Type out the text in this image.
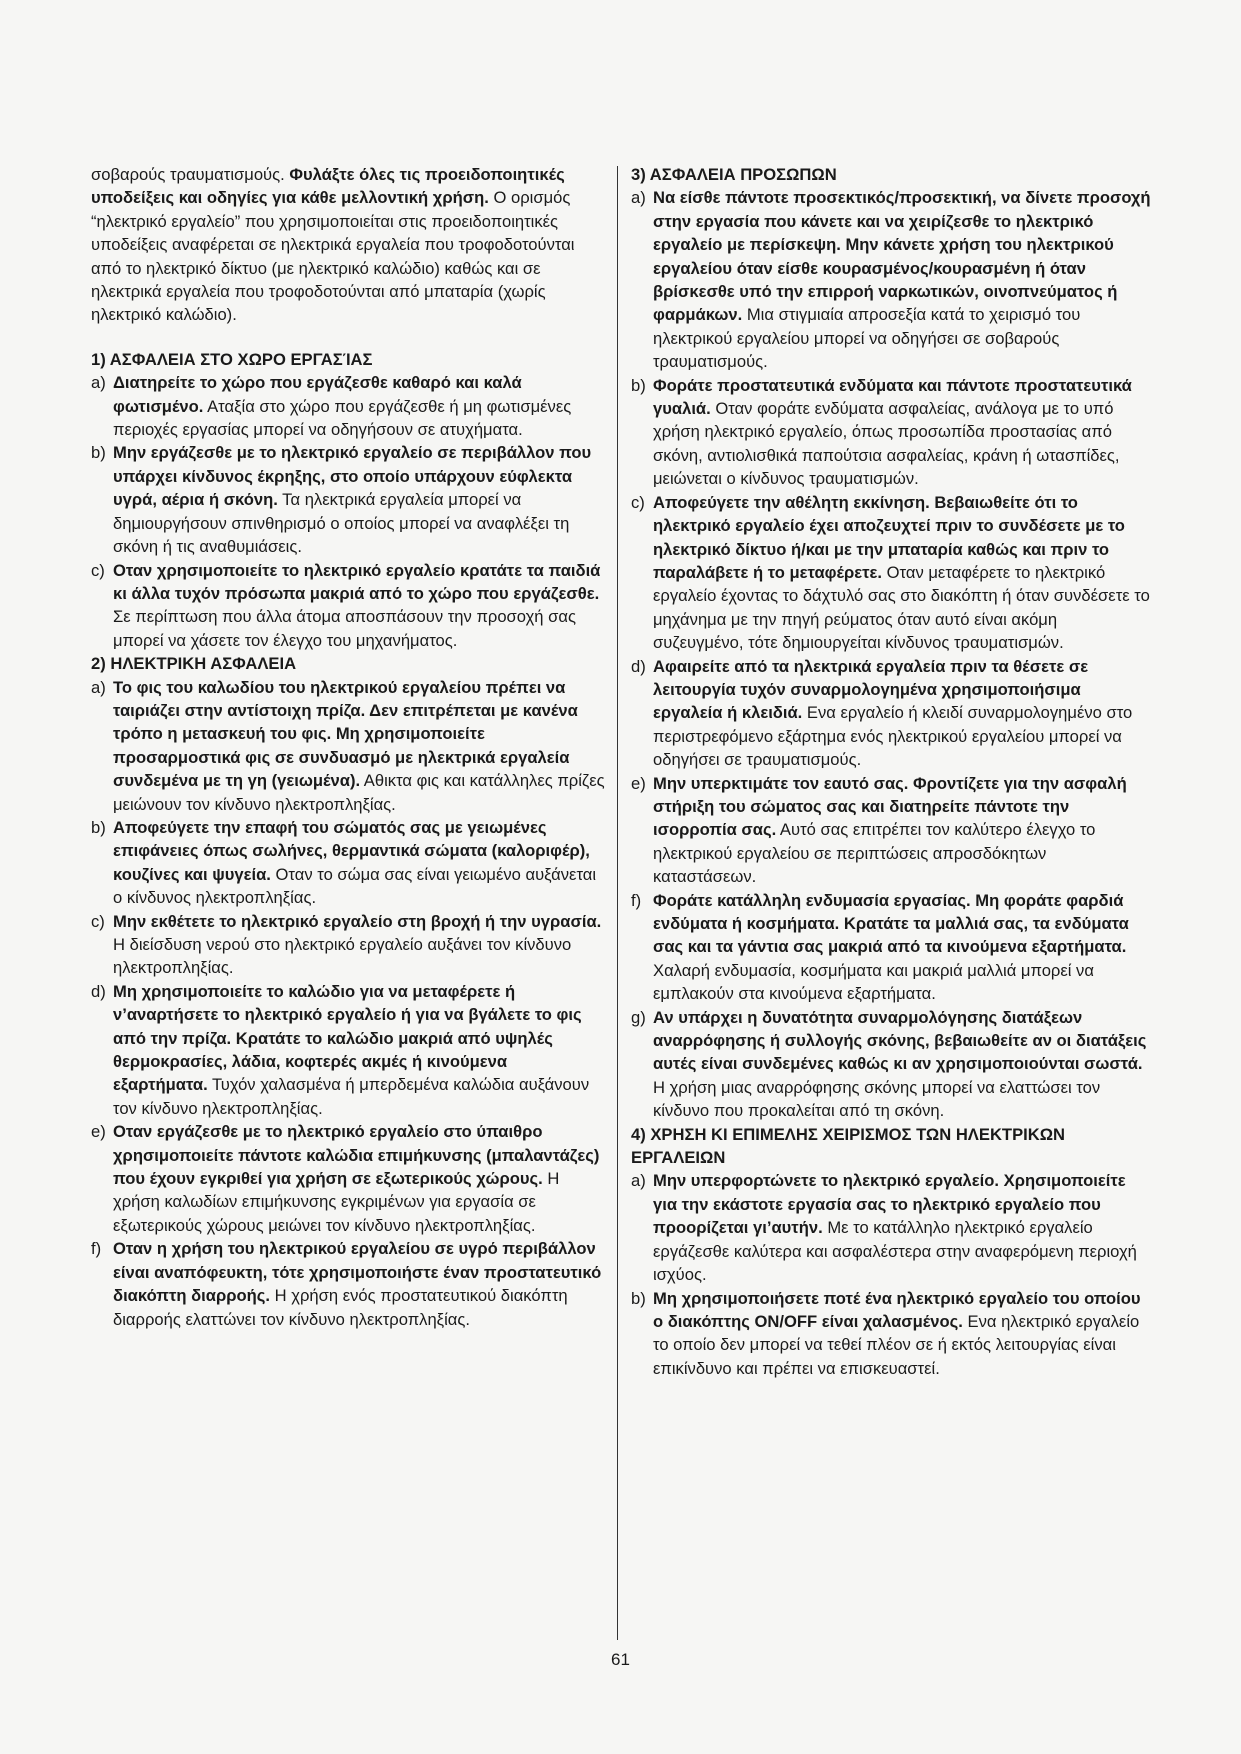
σοβαρούς τραυματισμούς. Φυλάξτε όλες τις προειδοποιητικές υποδείξεις και οδηγίες για κάθε μελλοντική χρήση. Ο ορισμός “ηλεκτρικό εργαλείο” που χρησιμοποιείται στις προειδοποιητικές υποδείξεις αναφέρεται σε ηλεκτρικά εργαλεία που τροφοδοτούνται από το ηλεκτρικό δίκτυο (με ηλεκτρικό καλώδιο) καθώς και σε ηλεκτρικά εργαλεία που τροφοδοτούνται από μπαταρία (χωρίς ηλεκτρικό καλώδιο).

1) ΑΣΦΑΛΕΙΑ ΣΤΟ ΧΩΡΟ ΕΡΓΑΣΊΑΣ
a) Διατηρείτε το χώρο που εργάζεσθε καθαρό και καλά φωτισμένο. Αταξία στο χώρο που εργάζεσθε ή μη φωτισμένες περιοχές εργασίας μπορεί να οδηγήσουν σε ατυχήματα.
b) Μην εργάζεσθε με το ηλεκτρικό εργαλείο σε περιβάλλον που υπάρχει κίνδυνος έκρηξης, στο οποίο υπάρχουν εύφλεκτα υγρά, αέρια ή σκόνη. Τα ηλεκτρικά εργαλεία μπορεί να δημιουργήσουν σπινθηρισμό ο οποίος μπορεί να αναφλέξει τη σκόνη ή τις αναθυμιάσεις.
c) Οταν χρησιμοποιείτε το ηλεκτρικό εργαλείο κρατάτε τα παιδιά κι άλλα τυχόν πρόσωπα μακριά από το χώρο που εργάζεσθε. Σε περίπτωση που άλλα άτομα αποσπάσουν την προσοχή σας μπορεί να χάσετε τον έλεγχο του μηχανήματος.
2) ΗΛΕΚΤΡΙΚΗ ΑΣΦΑΛΕΙΑ
a) Το φις του καλωδίου του ηλεκτρικού εργαλείου πρέπει να ταιριάζει στην αντίστοιχη πρίζα. Δεν επιτρέπεται με κανένα τρόπο η μετασκευή του φις. Μη χρησιμοποιείτε προσαρμοστικά φις σε συνδυασμό με ηλεκτρικά εργαλεία συνδεμένα με τη γη (γειωμένα). Αθικτα φις και κατάλληλες πρίζες μειώνουν τον κίνδυνο ηλεκτροπληξίας.
b) Αποφεύγετε την επαφή του σώματός σας με γειωμένες επιφάνειες όπως σωλήνες, θερμαντικά σώματα (καλοριφέρ), κουζίνες και ψυγεία. Οταν το σώμα σας είναι γειωμένο αυξάνεται ο κίνδυνος ηλεκτροπληξίας.
c) Μην εκθέτετε το ηλεκτρικό εργαλείο στη βροχή ή την υγρασία. Η διείσδυση νερού στο ηλεκτρικό εργαλείο αυξάνει τον κίνδυνο ηλεκτροπληξίας.
d) Μη χρησιμοποιείτε το καλώδιο για να μεταφέρετε ή ν’αναρτήσετε το ηλεκτρικό εργαλείο ή για να βγάλετε το φις από την πρίζα. Κρατάτε το καλώδιο μακριά από υψηλές θερμοκρασίες, λάδια, κοφτερές ακμές ή κινούμενα εξαρτήματα. Τυχόν χαλασμένα ή μπερδεμένα καλώδια αυξάνουν τον κίνδυνο ηλεκτροπληξίας.
e) Οταν εργάζεσθε με το ηλεκτρικό εργαλείο στο ύπαιθρο χρησιμοποιείτε πάντοτε καλώδια επιμήκυνσης (μπαλαντάζες) που έχουν εγκριθεί για χρήση σε εξωτερικούς χώρους. Η χρήση καλωδίων επιμήκυνσης εγκριμένων για εργασία σε εξωτερικούς χώρους μειώνει τον κίνδυνο ηλεκτροπληξίας.
f) Οταν η χρήση του ηλεκτρικού εργαλείου σε υγρό περιβάλλον είναι αναπόφευκτη, τότε χρησιμοποιήστε έναν προστατευτικό διακόπτη διαρροής. Η χρήση ενός προστατευτικού διακόπτη διαρροής ελαττώνει τον κίνδυνο ηλεκτροπληξίας.
3) ΑΣΦΑΛΕΙΑ ΠΡΟΣΩΠΩΝ
a) Να είσθε πάντοτε προσεκτικός/προσεκτική, να δίνετε προσοχή στην εργασία που κάνετε και να χειρίζεσθε το ηλεκτρικό εργαλείο με περίσκεψη. Μην κάνετε χρήση του ηλεκτρικού εργαλείου όταν είσθε κουρασμένος/κουρασμένη ή όταν βρίσκεσθε υπό την επιρροή ναρκωτικών, οινοπνεύματος ή φαρμάκων. Μια στιγμιαία απροσεξία κατά το χειρισμό του ηλεκτρικού εργαλείου μπορεί να οδηγήσει σε σοβαρούς τραυματισμούς.
b) Φοράτε προστατευτικά ενδύματα και πάντοτε προστατευτικά γυαλιά. Οταν φοράτε ενδύματα ασφαλείας, ανάλογα με το υπό χρήση ηλεκτρικό εργαλείο, όπως προσωπίδα προστασίας από σκόνη, αντιολισθικά παπούτσια ασφαλείας, κράνη ή ωτασπίδες, μειώνεται ο κίνδυνος τραυματισμών.
c) Αποφεύγετε την αθέλητη εκκίνηση. Βεβαιωθείτε ότι το ηλεκτρικό εργαλείο έχει αποζευχτεί πριν το συνδέσετε με το ηλεκτρικό δίκτυο ή/και με την μπαταρία καθώς και πριν το παραλάβετε ή το μεταφέρετε. Οταν μεταφέρετε το ηλεκτρικό εργαλείο έχοντας το δάχτυλό σας στο διακόπτη ή όταν συνδέσετε το μηχάνημα με την πηγή ρεύματος όταν αυτό είναι ακόμη συζευγμένο, τότε δημιουργείται κίνδυνος τραυματισμών.
d) Αφαιρείτε από τα ηλεκτρικά εργαλεία πριν τα θέσετε σε λειτουργία τυχόν συναρμολογημένα χρησιμοποιήσιμα εργαλεία ή κλειδιά. Ενα εργαλείο ή κλειδί συναρμολογημένο στο περιστρεφόμενο εξάρτημα ενός ηλεκτρικού εργαλείου μπορεί να οδηγήσει σε τραυματισμούς.
e) Μην υπερκτιμάτε τον εαυτό σας. Φροντίζετε για την ασφαλή στήριξη του σώματος σας και διατηρείτε πάντοτε την ισορροπία σας. Αυτό σας επιτρέπει τον καλύτερο έλεγχο το ηλεκτρικού εργαλείου σε περιπτώσεις απροσδόκητων καταστάσεων.
f) Φοράτε κατάλληλη ενδυμασία εργασίας. Μη φοράτε φαρδιά ενδύματα ή κοσμήματα. Κρατάτε τα μαλλιά σας, τα ενδύματα σας και τα γάντια σας μακριά από τα κινούμενα εξαρτήματα. Χαλαρή ενδυμασία, κοσμήματα και μακριά μαλλιά μπορεί να εμπλακούν στα κινούμενα εξαρτήματα.
g) Αν υπάρχει η δυνατότητα συναρμολόγησης διατάξεων αναρρόφησης ή συλλογής σκόνης, βεβαιωθείτε αν οι διατάξεις αυτές είναι συνδεμένες καθώς κι αν χρησιμοποιούνται σωστά. Η χρήση μιας αναρρόφησης σκόνης μπορεί να ελαττώσει τον κίνδυνο που προκαλείται από τη σκόνη.
4) ΧΡΗΣΗ ΚΙ ΕΠΙΜΕΛΗΣ ΧΕΙΡΙΣΜΟΣ ΤΩΝ ΗΛΕΚΤΡΙΚΩΝ ΕΡΓΑΛΕΙΩΝ
a) Μην υπερφορτώνετε το ηλεκτρικό εργαλείο. Χρησιμοποιείτε για την εκάστοτε εργασία σας το ηλεκτρικό εργαλείο που προορίζεται γι’αυτήν. Με το κατάλληλο ηλεκτρικό εργαλείο εργάζεσθε καλύτερα και ασφαλέστερα στην αναφερόμενη περιοχή ισχύος.
b) Μη χρησιμοποιήσετε ποτέ ένα ηλεκτρικό εργαλείο του οποίου ο διακόπτης ON/OFF είναι χαλασμένος. Ενα ηλεκτρικό εργαλείο το οποίο δεν μπορεί να τεθεί πλέον σε ή εκτός λειτουργίας είναι επικίνδυνο και πρέπει να επισκευαστεί.
61
